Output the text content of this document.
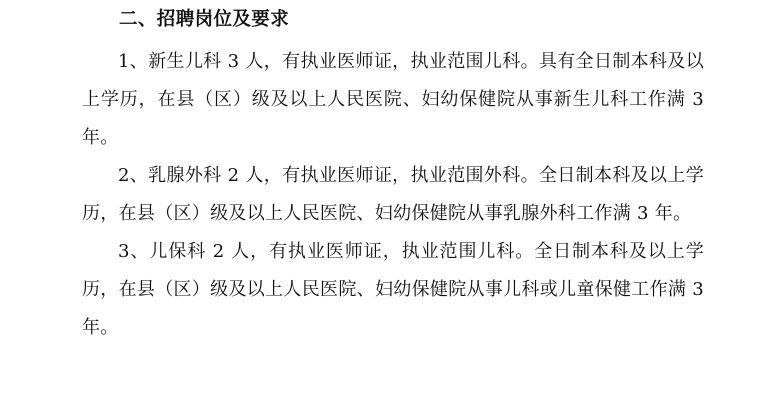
二、招聘岗位及要求

1、新生儿科 3 人，有执业医师证，执业范围儿科。具有全日制本科及以上学历，在县（区）级及以上人民医院、妇幼保健院从事新生儿科工作满 3 年。

2、乳腺外科 2 人，有执业医师证，执业范围外科。全日制本科及以上学历，在县（区）级及以上人民医院、妇幼保健院从事乳腺外科工作满 3 年。

3、儿保科 2 人，有执业医师证，执业范围儿科。全日制本科及以上学历，在县（区）级及以上人民医院、妇幼保健院从事儿科或儿童保健工作满 3 年。
